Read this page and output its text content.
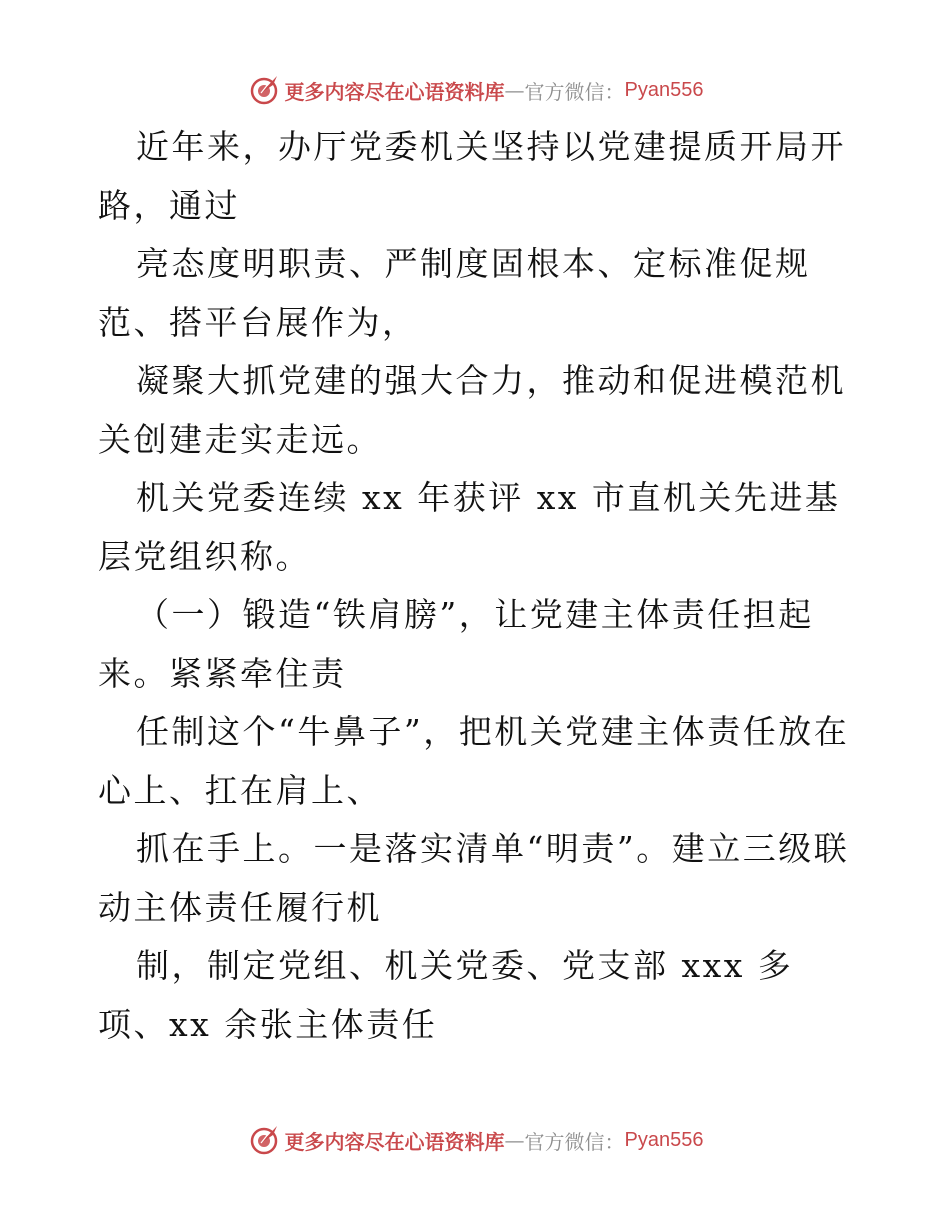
更多内容尽在心语资料库 — 官方微信： Pyan556

近年来，办厅党委机关坚持以党建提质开局开路，通过

亮态度明职责、严制度固根本、定标准促规范、搭平台展作为，

凝聚大抓党建的强大合力，推动和促进模范机关创建走实走远。

机关党委连续 xx 年获评 xx 市直机关先进基层党组织称。

（一）锻造“铁肩膀”，让党建主体责任担起来。紧紧牵住责

任制这个“牛鼻子”，把机关党建主体责任放在心上、扛在肩上、

抓在手上。一是落实清单“明责”。建立三级联动主体责任履行机

制，制定党组、机关党委、党支部 xxx 多项、xx 余张主体责任

更多内容尽在心语资料库 — 官方微信： Pyan556
